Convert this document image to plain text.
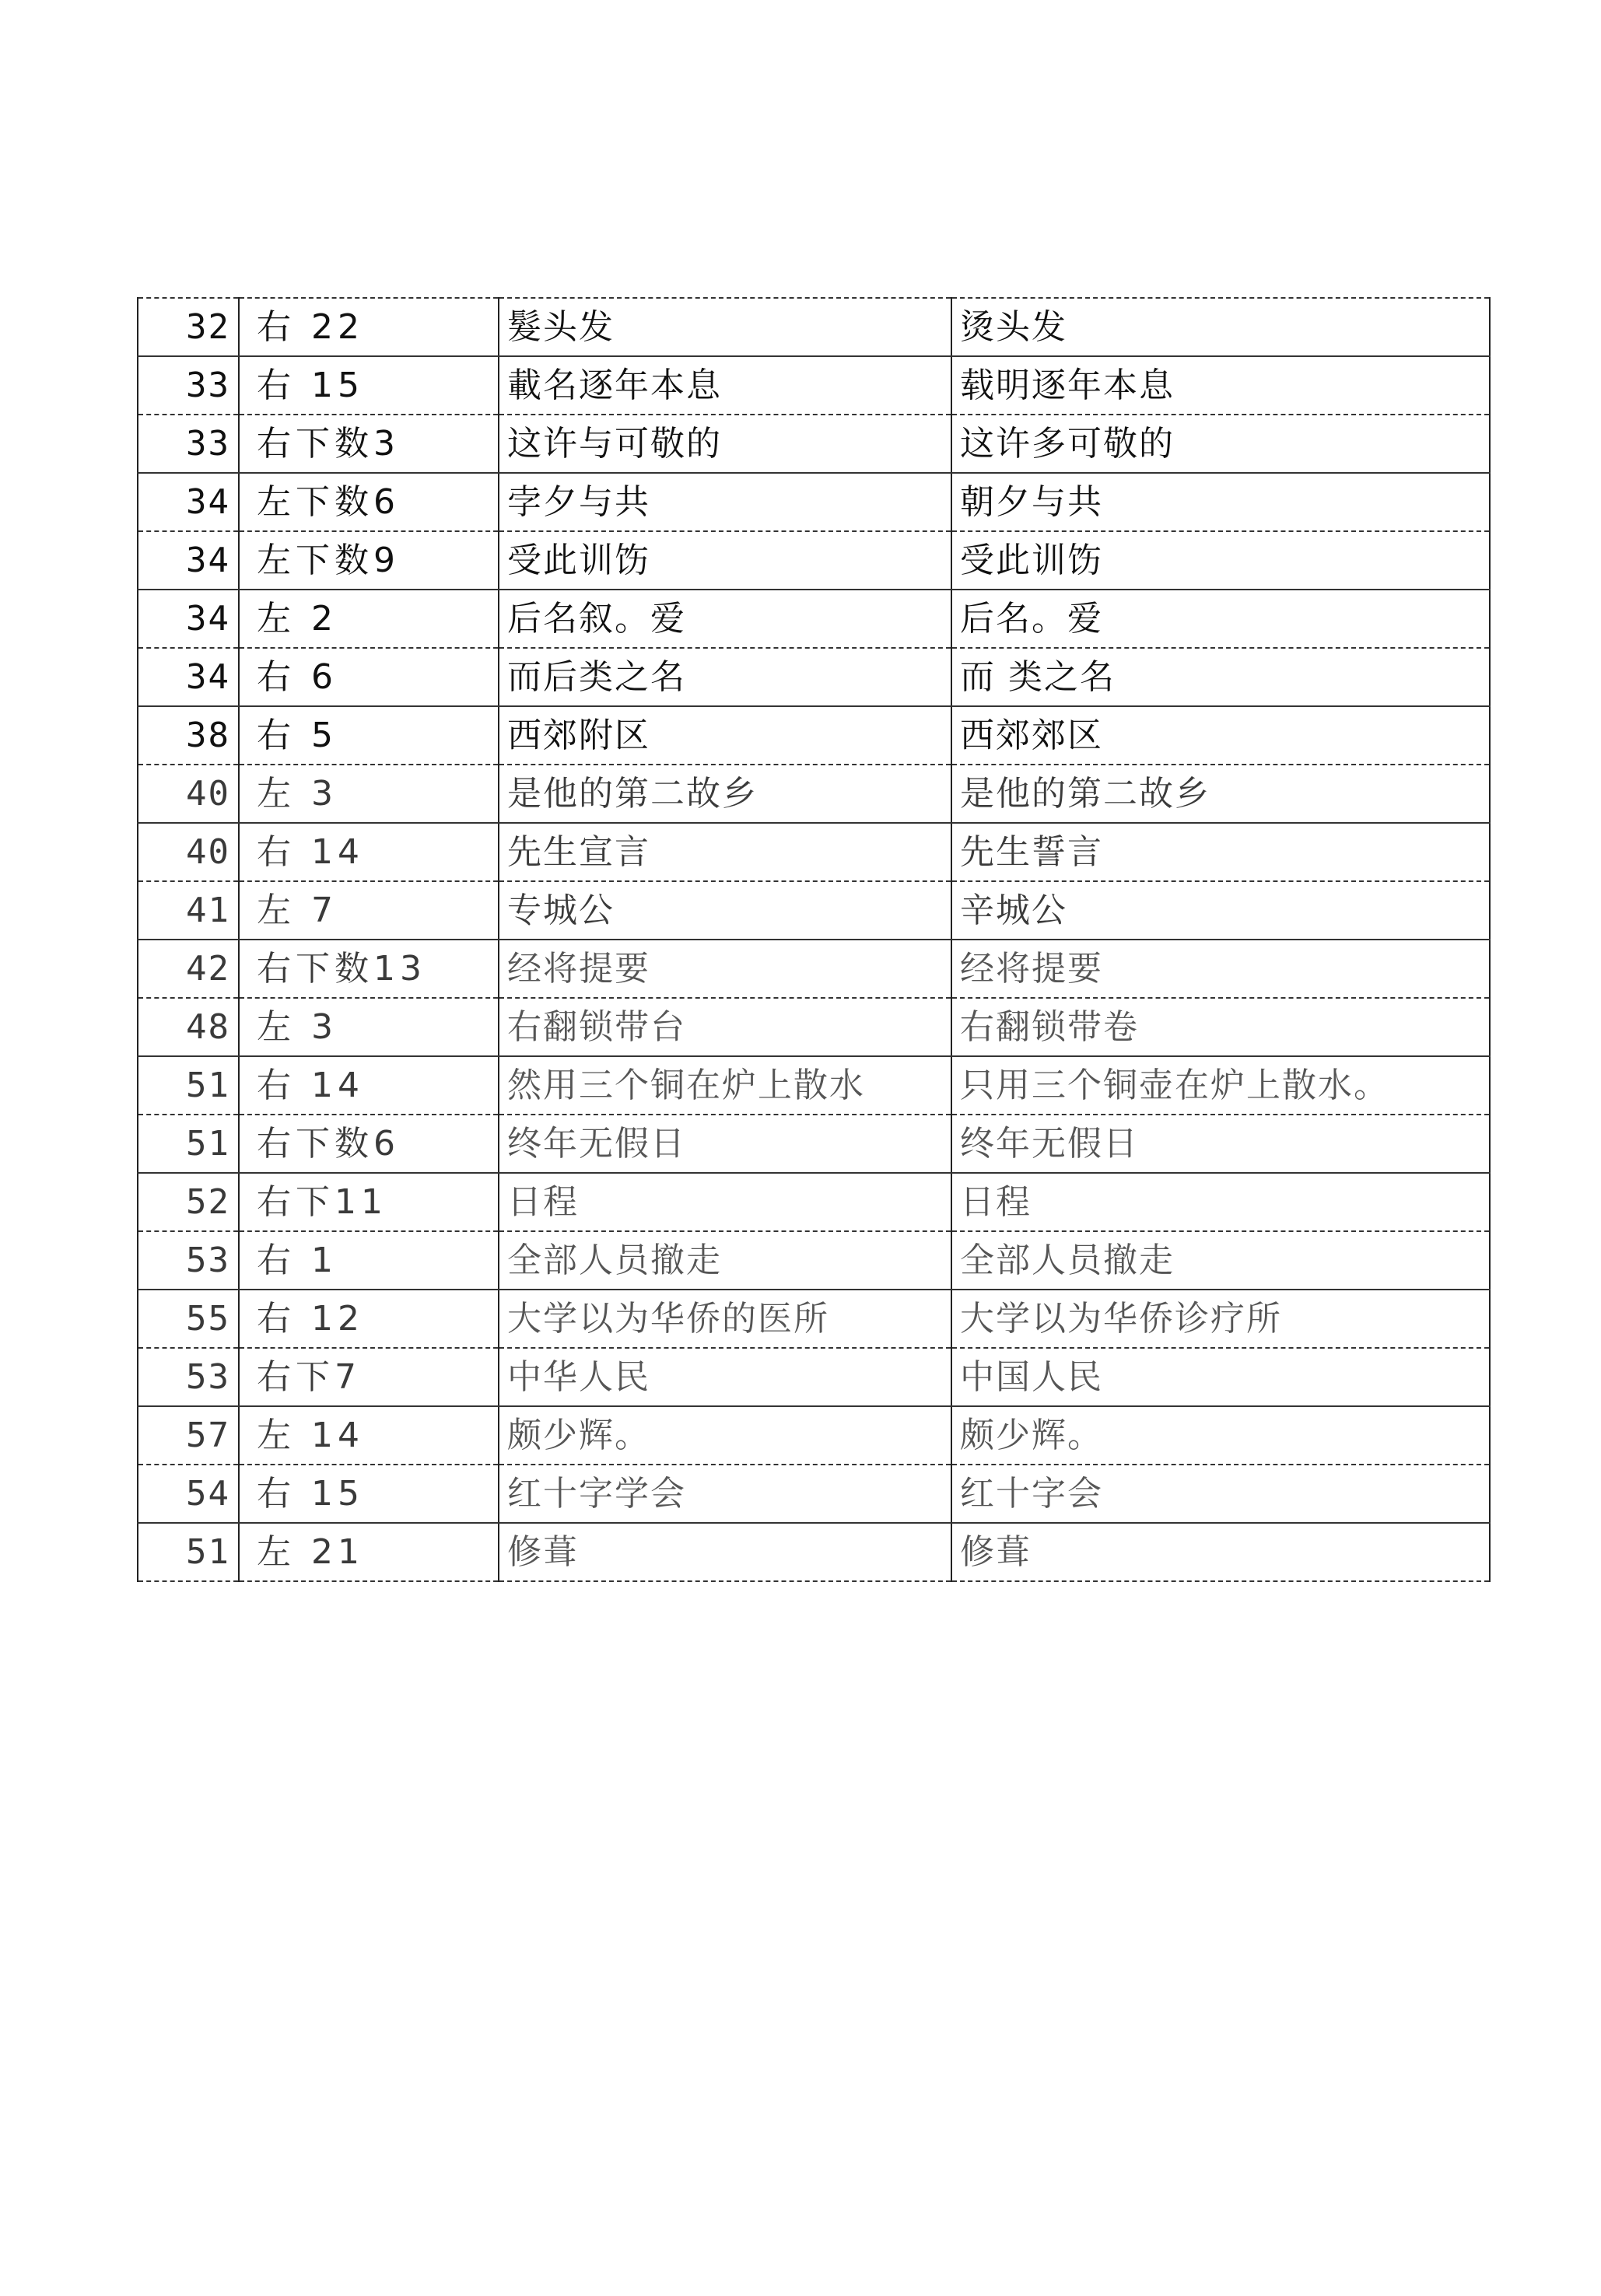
32	右 22	髮头发	烫头发
33	右 15	載名逐年本息	载明逐年本息
33	右下数3	这许与可敬的	这许多可敬的
34	左下数6	孛夕与共	朝夕与共
34	左下数9	受此训饬	受此训饬
34	左 2	后名叙。爱	后名。爱
34	右 6	而后类之名	而 类之名
38	右 5	西郊附区	西郊郊区
40	左 3	是他的第二故乡	是他的第二故乡
40	右 14	先生宣言	先生誓言
41	左 7	专城公	辛城公
42	右下数13	经将提要	经将提要
48	左 3	右翻锁带台	右翻锁带卷
51	右 14	然用三个铜在炉上散水	只用三个铜壶在炉上散水。
51	右下数6	终年无假日	终年无假日
52	右下11	日程	日程
53	右 1	全部人员撤走	全部人员撤走
55	右 12	大学以为华侨的医所	大学以为华侨诊疗所
53	右下7	中华人民	中国人民
57	左 14	颇少辉。	颇少辉。
54	右 15	红十字学会	红十字会
51	左 21	修葺	修葺
